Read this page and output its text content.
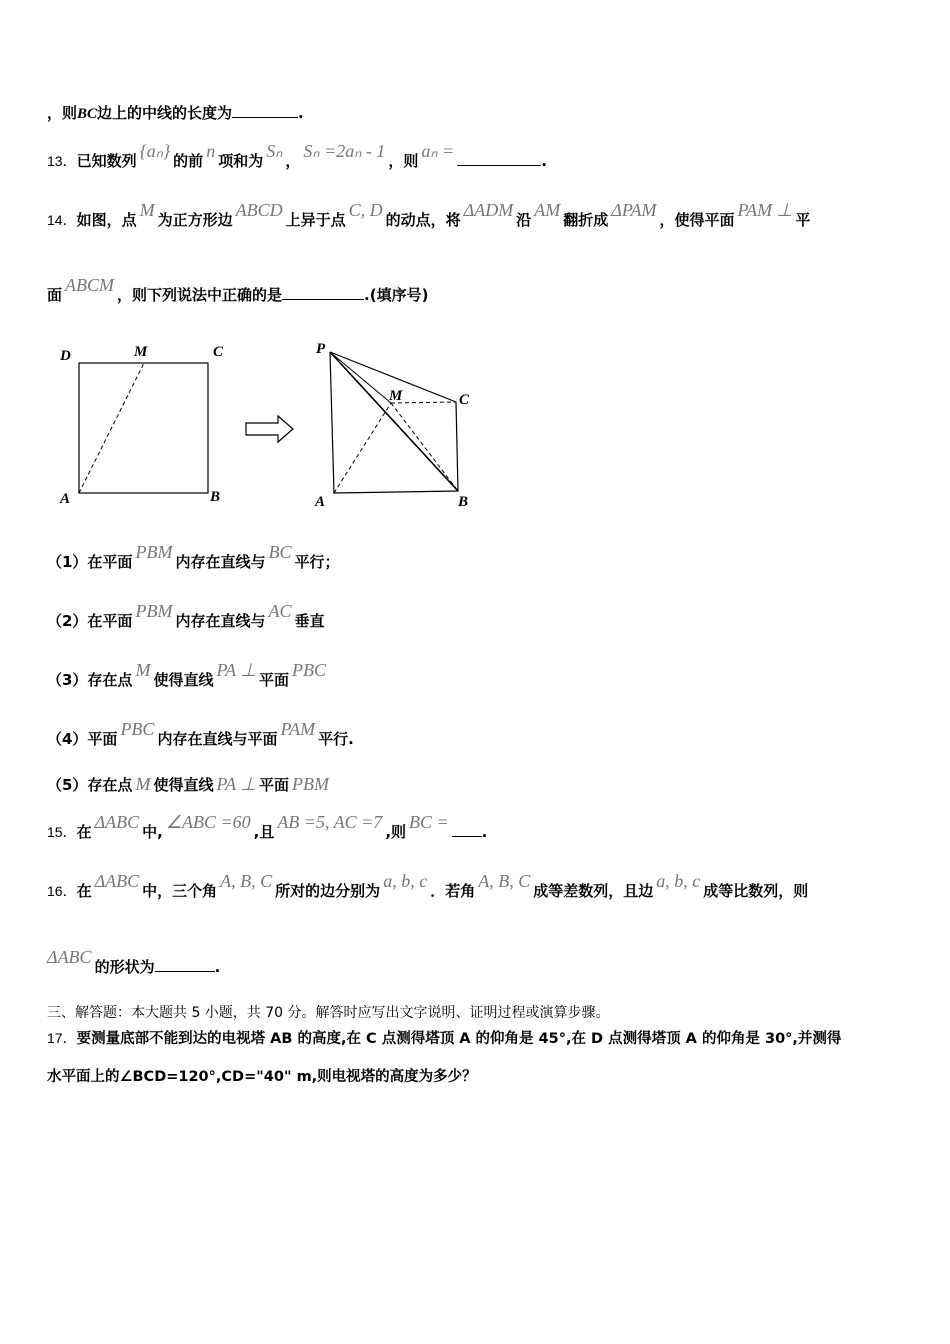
，则BC边上的中线的长度为	.
13．已知数列 {aₙ} 的前 n 项和为 Sₙ ， Sₙ =2aₙ - 1 ，则 aₙ =	.
14．如图，点 M 为正方形边 ABCD 上异于点 C, D 的动点，将 ΔADM 沿 AM 翻折成 ΔPAM ，使得平面 PAM ⊥ 平
面 ABCM ，则下列说法中正确的是	.(填序号)
D	M	C
A	B
P
M	C
A	B
（1）在平面 PBM 内存在直线与 BC 平行；
（2）在平面 PBM 内存在直线与 AC 垂直
（3）存在点 M 使得直线 PA ⊥ 平面 PBC
（4）平面 PBC 内存在直线与平面 PAM 平行.
（5）存在点 M 使得直线 PA ⊥ 平面 PBM
15．在 ΔABC 中, ∠ABC =60 ,且 AB =5, AC =7 ,则 BC = .
16．在 ΔABC 中，三个角 A, B, C 所对的边分别为 a, b, c ．若角 A, B, C 成等差数列，且边 a, b, c 成等比数列，则
ΔABC 的形状为	.
三、解答题：本大题共 5 小题，共 70 分。解答时应写出文字说明、证明过程或演算步骤。
17．要测量底部不能到达的电视塔 AB 的高度,在 C 点测得塔顶 A 的仰角是 45°,在 D 点测得塔顶 A 的仰角是 30°,并测得
水平面上的∠BCD=120°,CD="40" m,则电视塔的高度为多少？
